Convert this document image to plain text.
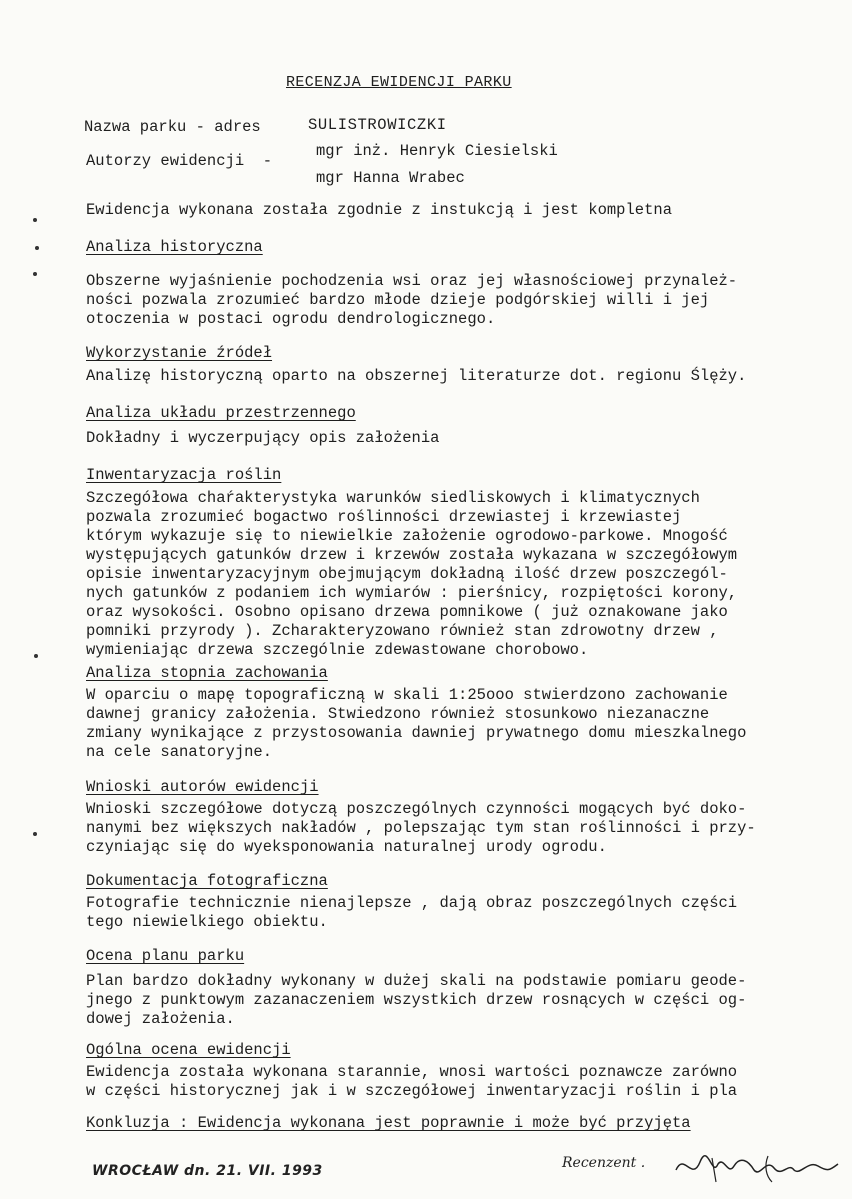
RECENZJA EWIDENCJI PARKU
Nazwa parku - adres	SULISTROWICZKI
Autorzy ewidencji  -
mgr inż. Henryk Ciesielski
mgr Hanna Wrabec
Ewidencja wykonana została zgodnie z instukcją i jest kompletna
Analiza historyczna
Obszerne wyjaśnienie pochodzenia wsi oraz jej własnościowej przynależ-
ności pozwala zrozumieć bardzo młode dzieje podgórskiej willi i jej
otoczenia w postaci ogrodu dendrologicznego.
Wykorzystanie źródeł
Analizę historyczną oparto na obszernej literaturze dot. regionu Ślęży.
Analiza układu przestrzennego
Dokładny i wyczerpujący opis założenia
Inwentaryzacja roślin
Szczegółowa chaŕakterystyka warunków siedliskowych i klimatycznych
pozwala zrozumieć bogactwo roślinności drzewiastej i krzewiastej
którym wykazuje się to niewielkie założenie ogrodowo-parkowe. Mnogość
występujących gatunków drzew i krzewów została wykazana w szczegółowym
opisie inwentaryzacyjnym obejmującym dokładną ilość drzew poszczegól-
nych gatunków z podaniem ich wymiarów : pierśnicy, rozpiętości korony,
oraz wysokości. Osobno opisano drzewa pomnikowe ( już oznakowane jako
pomniki przyrody ). Zcharakteryzowano również stan zdrowotny drzew ,
wymieniając drzewa szczególnie zdewastowane chorobowo.
Analiza stopnia zachowania
W oparciu o mapę topograficzną w skali 1:25ooo stwierdzono zachowanie
dawnej granicy założenia. Stwiedzono również stosunkowo niezanaczne
zmiany wynikające z przystosowania dawniej prywatnego domu mieszkalnego
na cele sanatoryjne.
Wnioski autorów ewidencji
Wnioski szczegółowe dotyczą poszczególnych czynności mogących być doko-
nanymi bez większych nakładów , polepszając tym stan roślinności i przy-
czyniając się do wyeksponowania naturalnej urody ogrodu.
Dokumentacja fotograficzna
Fotografie technicznie nienajlepsze , dają obraz poszczególnych części
tego niewielkiego obiektu.
Ocena planu parku
Plan bardzo dokładny wykonany w dużej skali na podstawie pomiaru geode-
jnego z punktowym zazanaczeniem wszystkich drzew rosnących w części og-
dowej założenia.
Ogólna ocena ewidencji
Ewidencja została wykonana starannie, wnosi wartości poznawcze zarówno
w części historycznej jak i w szczegółowej inwentaryzacji roślin i pla
Konkluzja : Ewidencja wykonana jest poprawnie i może być przyjęta
WROCŁAW dn. 21. VII. 1993	Recenzent .
